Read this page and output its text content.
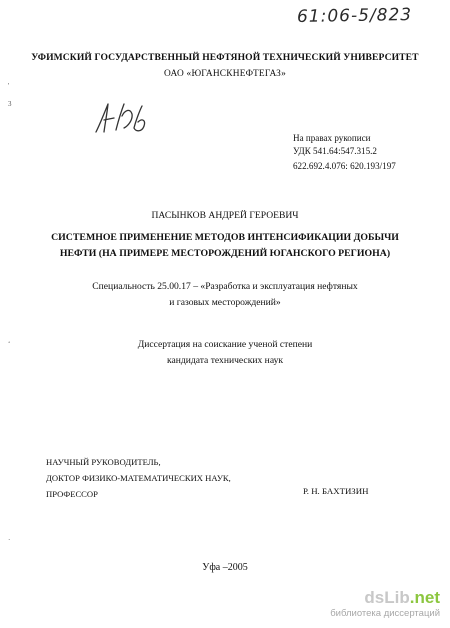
61:06-5/823
УФИМСКИЙ ГОСУДАРСТВЕННЫЙ НЕФТЯНОЙ ТЕХНИЧЕСКИЙ УНИВЕРСИТЕТ
ОАО «ЮГАНСКНЕФТЕГАЗ»
'
3
‘
·
На правах рукописи
УДК 541.64:547.315.2
622.692.4.076: 620.193/197
ПАСЫНКОВ АНДРЕЙ ГЕРОЕВИЧ
СИСТЕМНОЕ ПРИМЕНЕНИЕ МЕТОДОВ ИНТЕНСИФИКАЦИИ ДОБЫЧИ
НЕФТИ (НА ПРИМЕРЕ МЕСТОРОЖДЕНИЙ ЮГАНСКОГО РЕГИОНА)
Специальность 25.00.17 – «Разработка и эксплуатация нефтяных
и газовых месторождений»
Диссертация на соискание ученой степени
кандидата технических наук
НАУЧНЫЙ РУКОВОДИТЕЛЬ,
ДОКТОР ФИЗИКО-МАТЕМАТИЧЕСКИХ НАУК,
ПРОФЕССОР	Р. Н. БАХТИЗИН
Уфа –2005
dsLib.net
библиотека диссертаций
